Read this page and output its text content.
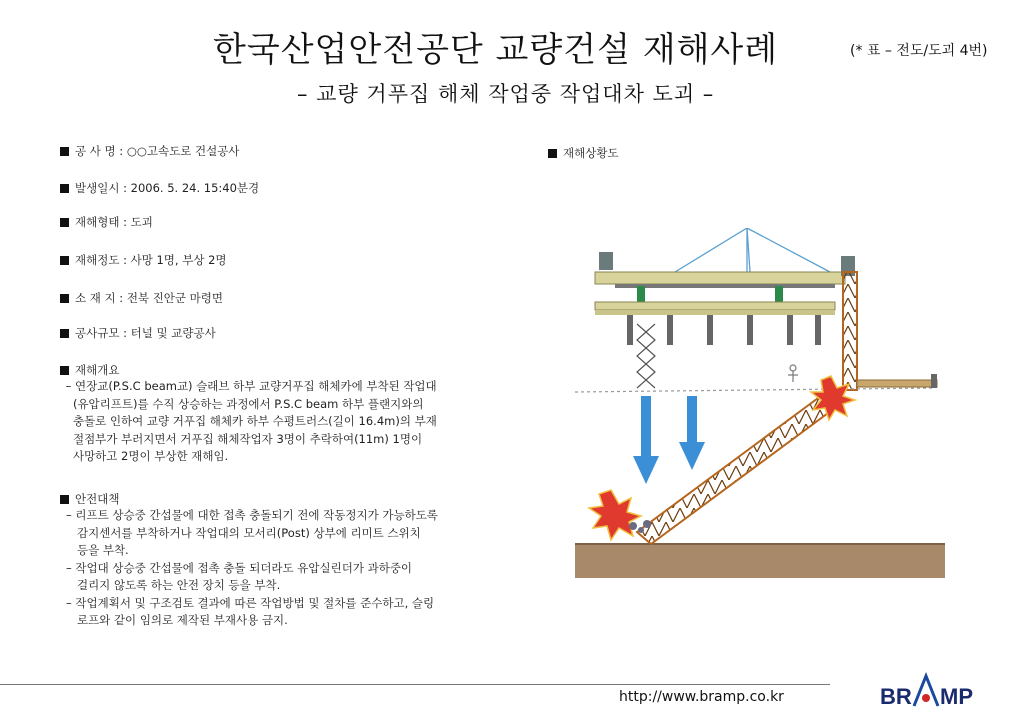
한국산업안전공단 교량건설 재해사례	(* 표 – 전도/도괴 4번)
– 교량 거푸집 해체 작업중 작업대차 도괴 –
공 사 명 : ○○고속도로 건설공사
발생일시 : 2006. 5. 24. 15:40분경
재해형태 : 도괴
재해정도 : 사망 1명, 부상 2명
소 재 지 : 전북 진안군 마령면
공사규모 : 터널 및 교량공사
재해개요
– 연장교(P.S.C beam교) 슬래브 하부 교량거푸집 해체카에 부착된 작업대
(유압리프트)를 수직 상승하는 과정에서 P.S.C beam 하부 플랜지와의
충돌로 인하여 교량 거푸집 해체카 하부 수평트러스(길이 16.4m)의 부재
절점부가 부러지면서 거푸집 해체작업자 3명이 추락하여(11m) 1명이
사망하고 2명이 부상한 재해임.
안전대책
– 리프트 상승중 간섭물에 대한 접촉 충돌되기 전에 작동정지가 가능하도록
감지센서를 부착하거나 작업대의 모서리(Post) 상부에 리미트 스위치
등을 부착.
– 작업대 상승중 간섭물에 접촉 충돌 되더라도 유압실린더가 과하중이
걸리지 않도록 하는 안전 장치 등을 부착.
– 작업계획서 및 구조검토 결과에 따른 작업방법 및 절차를 준수하고, 슬링
로프와 같이 임의로 제작된 부재사용 금지.
재해상황도
http://www.bramp.co.kr	BR MP
